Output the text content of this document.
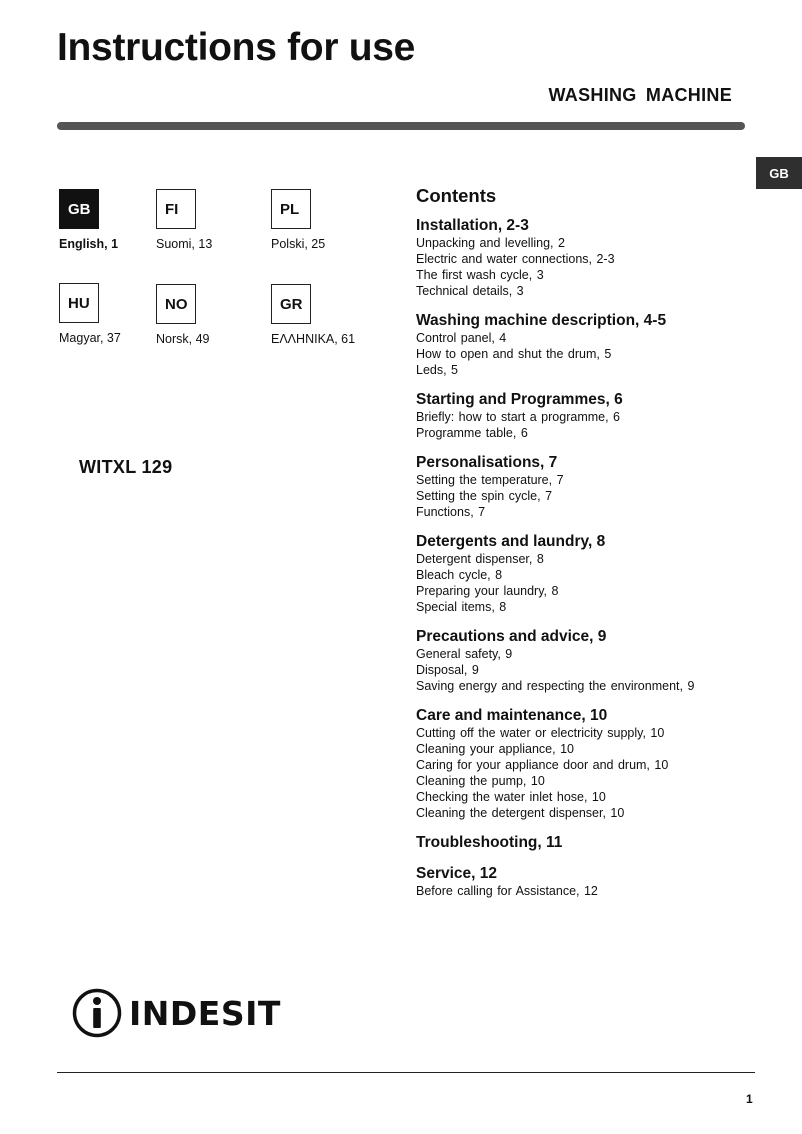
Instructions for use
WASHING MACHINE
GB
GB
English, 1
FI
Suomi, 13
PL
Polski, 25
HU
Magyar, 37
NO
Norsk, 49
GR
ΕΛΛΗΝΙΚΑ, 61
WITXL 129
Contents
Installation, 2-3
Unpacking and levelling, 2
Electric and water connections, 2-3
The first wash cycle, 3
Technical details, 3
Washing machine description, 4-5
Control panel, 4
How to open and shut the drum, 5
Leds, 5
Starting and Programmes, 6
Briefly: how to start a programme, 6
Programme table, 6
Personalisations, 7
Setting the temperature, 7
Setting the spin cycle, 7
Functions, 7
Detergents and laundry, 8
Detergent dispenser, 8
Bleach cycle, 8
Preparing your laundry, 8
Special items, 8
Precautions and advice, 9
General safety, 9
Disposal, 9
Saving energy and respecting the environment, 9
Care and maintenance, 10
Cutting off the water or electricity supply, 10
Cleaning your appliance, 10
Caring for your appliance door and drum, 10
Cleaning the pump, 10
Checking the water inlet hose, 10
Cleaning the detergent dispenser, 10
Troubleshooting, 11
Service, 12
Before calling for Assistance, 12
INDESIT
1
